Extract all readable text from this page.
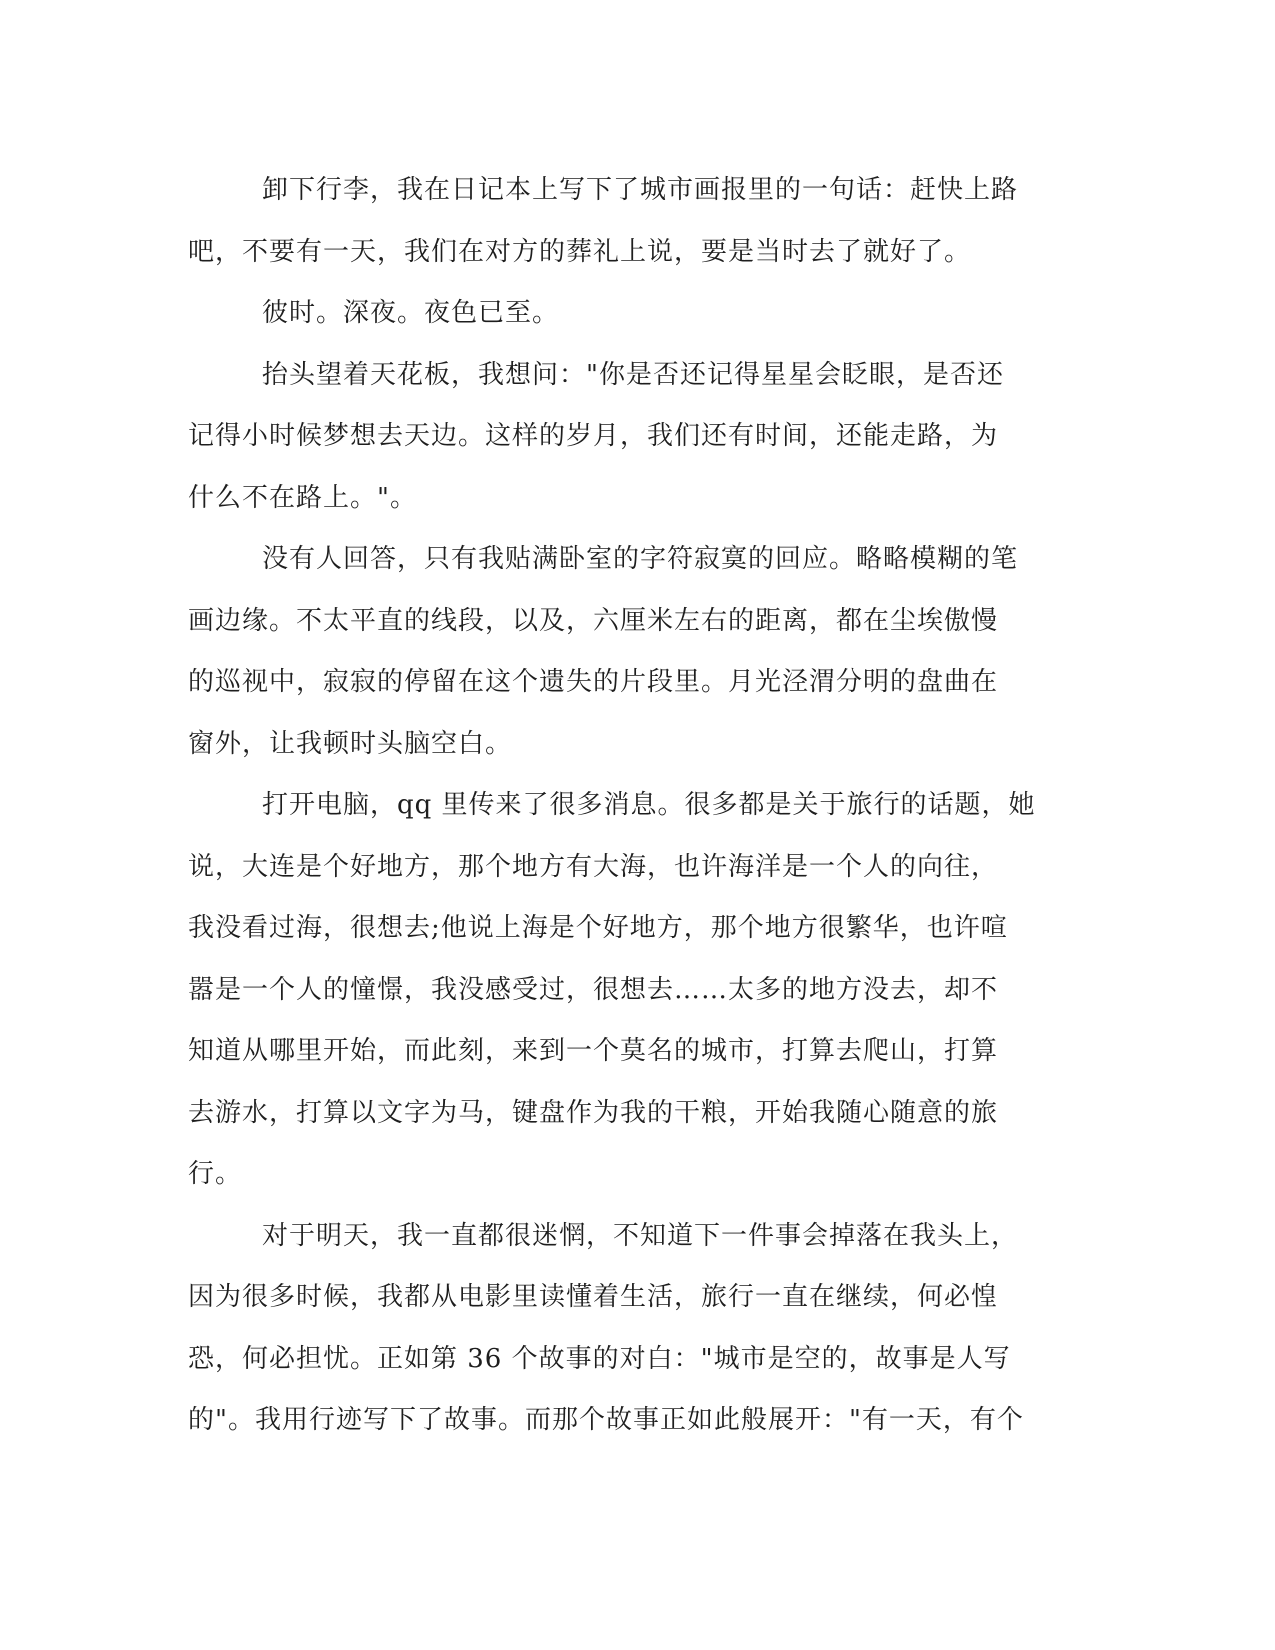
卸下行李，我在日记本上写下了城市画报里的一句话：赶快上路
吧，不要有一天，我们在对方的葬礼上说，要是当时去了就好了。
彼时。深夜。夜色已至。
抬头望着天花板，我想问："你是否还记得星星会眨眼，是否还
记得小时候梦想去天边。这样的岁月，我们还有时间，还能走路，为
什么不在路上。"。
没有人回答，只有我贴满卧室的字符寂寞的回应。略略模糊的笔
画边缘。不太平直的线段，以及，六厘米左右的距离，都在尘埃傲慢
的巡视中，寂寂的停留在这个遗失的片段里。月光泾渭分明的盘曲在
窗外，让我顿时头脑空白。
打开电脑，qq 里传来了很多消息。很多都是关于旅行的话题，她
说，大连是个好地方，那个地方有大海，也许海洋是一个人的向往，
我没看过海，很想去;他说上海是个好地方，那个地方很繁华，也许喧
嚣是一个人的憧憬，我没感受过，很想去……太多的地方没去，却不
知道从哪里开始，而此刻，来到一个莫名的城市，打算去爬山，打算
去游水，打算以文字为马，键盘作为我的干粮，开始我随心随意的旅
行。
对于明天，我一直都很迷惘，不知道下一件事会掉落在我头上，
因为很多时候，我都从电影里读懂着生活，旅行一直在继续，何必惶
恐，何必担忧。正如第 36 个故事的对白："城市是空的，故事是人写
的"。我用行迹写下了故事。而那个故事正如此般展开："有一天，有个
